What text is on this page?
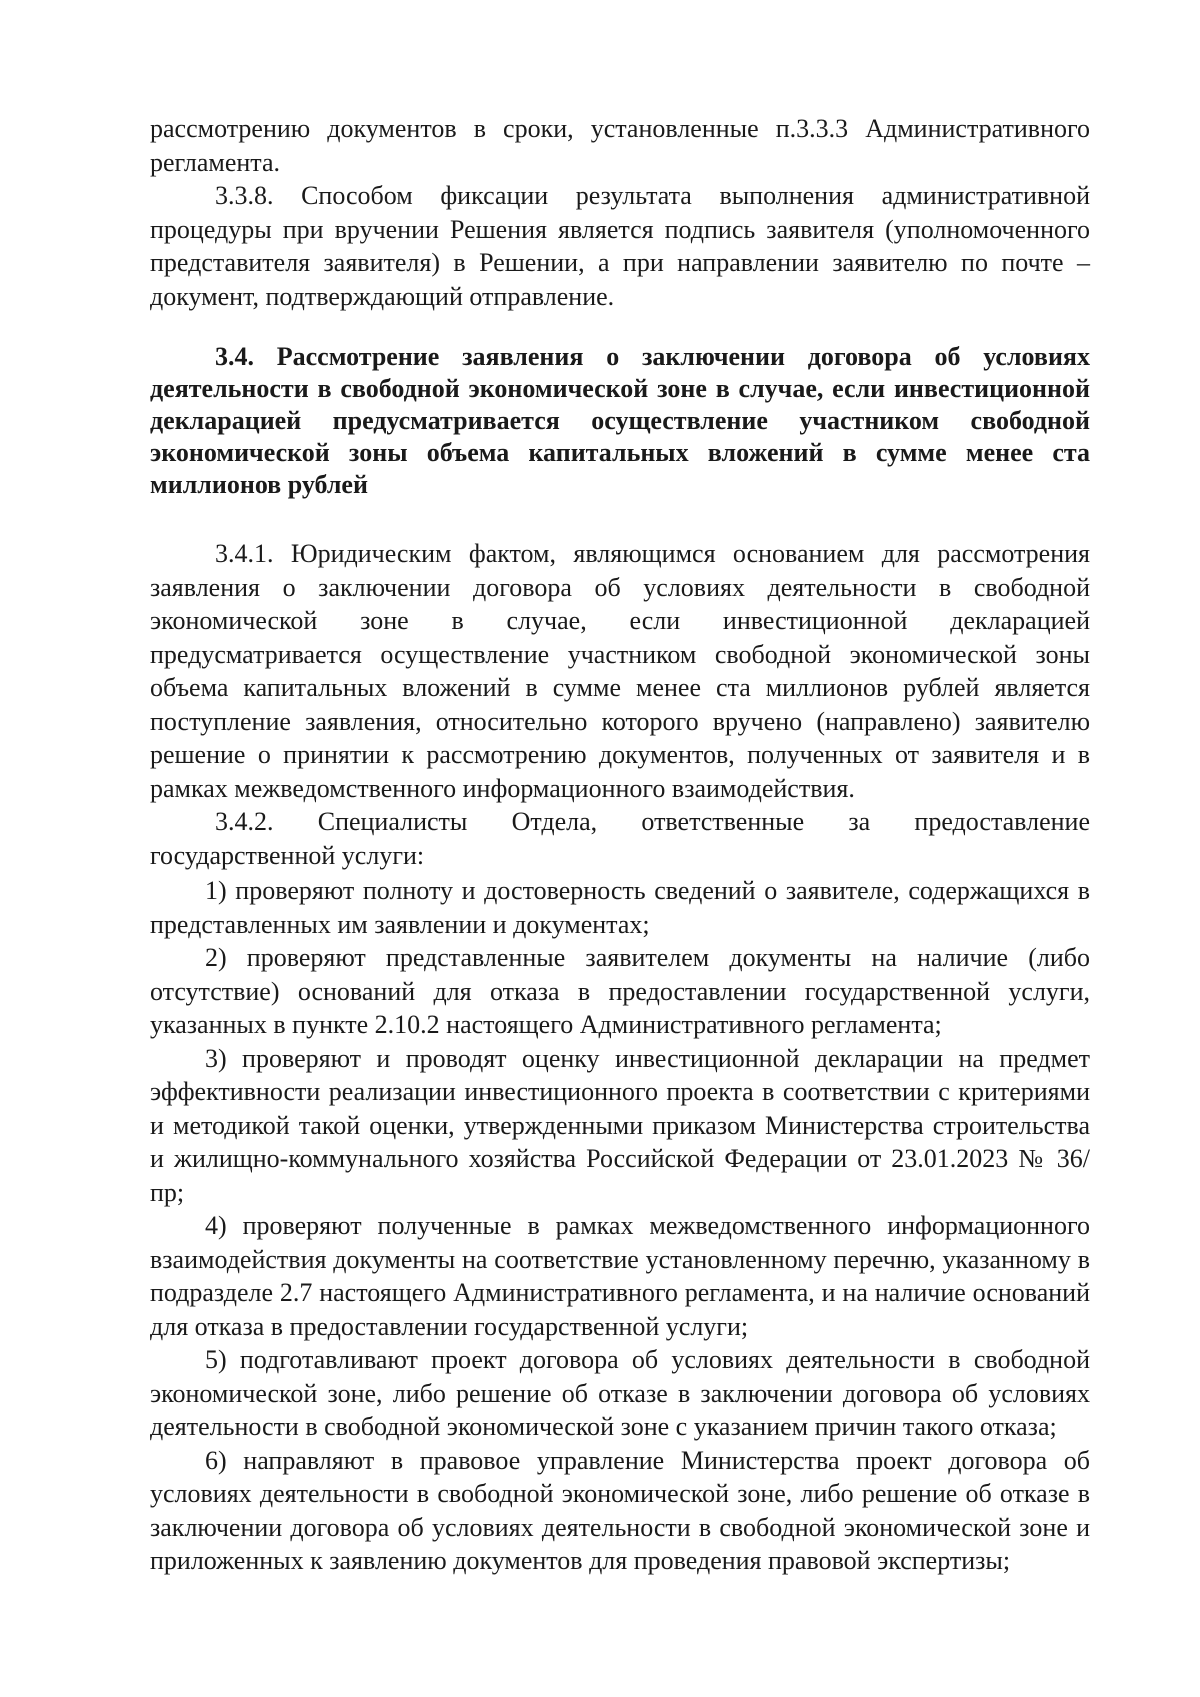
рассмотрению документов в сроки, установленные п.3.3.3 Административного регламента.

3.3.8. Способом фиксации результата выполнения административной процедуры при вручении Решения является подпись заявителя (уполномоченного представителя заявителя) в Решении, а при направлении заявителю по почте – документ, подтверждающий отправление.

3.4. Рассмотрение заявления о заключении договора об условиях деятельности в свободной экономической зоне в случае, если инвестиционной декларацией предусматривается осуществление участником свободной экономической зоны объема капитальных вложений в сумме менее ста миллионов рублей

3.4.1. Юридическим фактом, являющимся основанием для рассмотрения заявления о заключении договора об условиях деятельности в свободной экономической зоне в случае, если инвестиционной декларацией предусматривается осуществление участником свободной экономической зоны объема капитальных вложений в сумме менее ста миллионов рублей является поступление заявления, относительно которого вручено (направлено) заявителю решение о принятии к рассмотрению документов, полученных от заявителя и в рамках межведомственного информационного взаимодействия.

3.4.2. Специалисты Отдела, ответственные за предоставление государственной услуги:

1) проверяют полноту и достоверность сведений о заявителе, содержащихся в представленных им заявлении и документах;

2) проверяют представленные заявителем документы на наличие (либо отсутствие) оснований для отказа в предоставлении государственной услуги, указанных в пункте 2.10.2 настоящего Административного регламента;

3) проверяют и проводят оценку инвестиционной декларации на предмет эффективности реализации инвестиционного проекта в соответствии с критериями и методикой такой оценки, утвержденными приказом Министерства строительства и жилищно-коммунального хозяйства Российской Федерации от 23.01.2023 № 36/пр;

4) проверяют полученные в рамках межведомственного информационного взаимодействия документы на соответствие установленному перечню, указанному в подразделе 2.7 настоящего Административного регламента, и на наличие оснований для отказа в предоставлении государственной услуги;

5) подготавливают проект договора об условиях деятельности в свободной экономической зоне, либо решение об отказе в заключении договора об условиях деятельности в свободной экономической зоне с указанием причин такого отказа;

6) направляют в правовое управление Министерства проект договора об условиях деятельности в свободной экономической зоне, либо решение об отказе в заключении договора об условиях деятельности в свободной экономической зоне и приложенных к заявлению документов для проведения правовой экспертизы;
